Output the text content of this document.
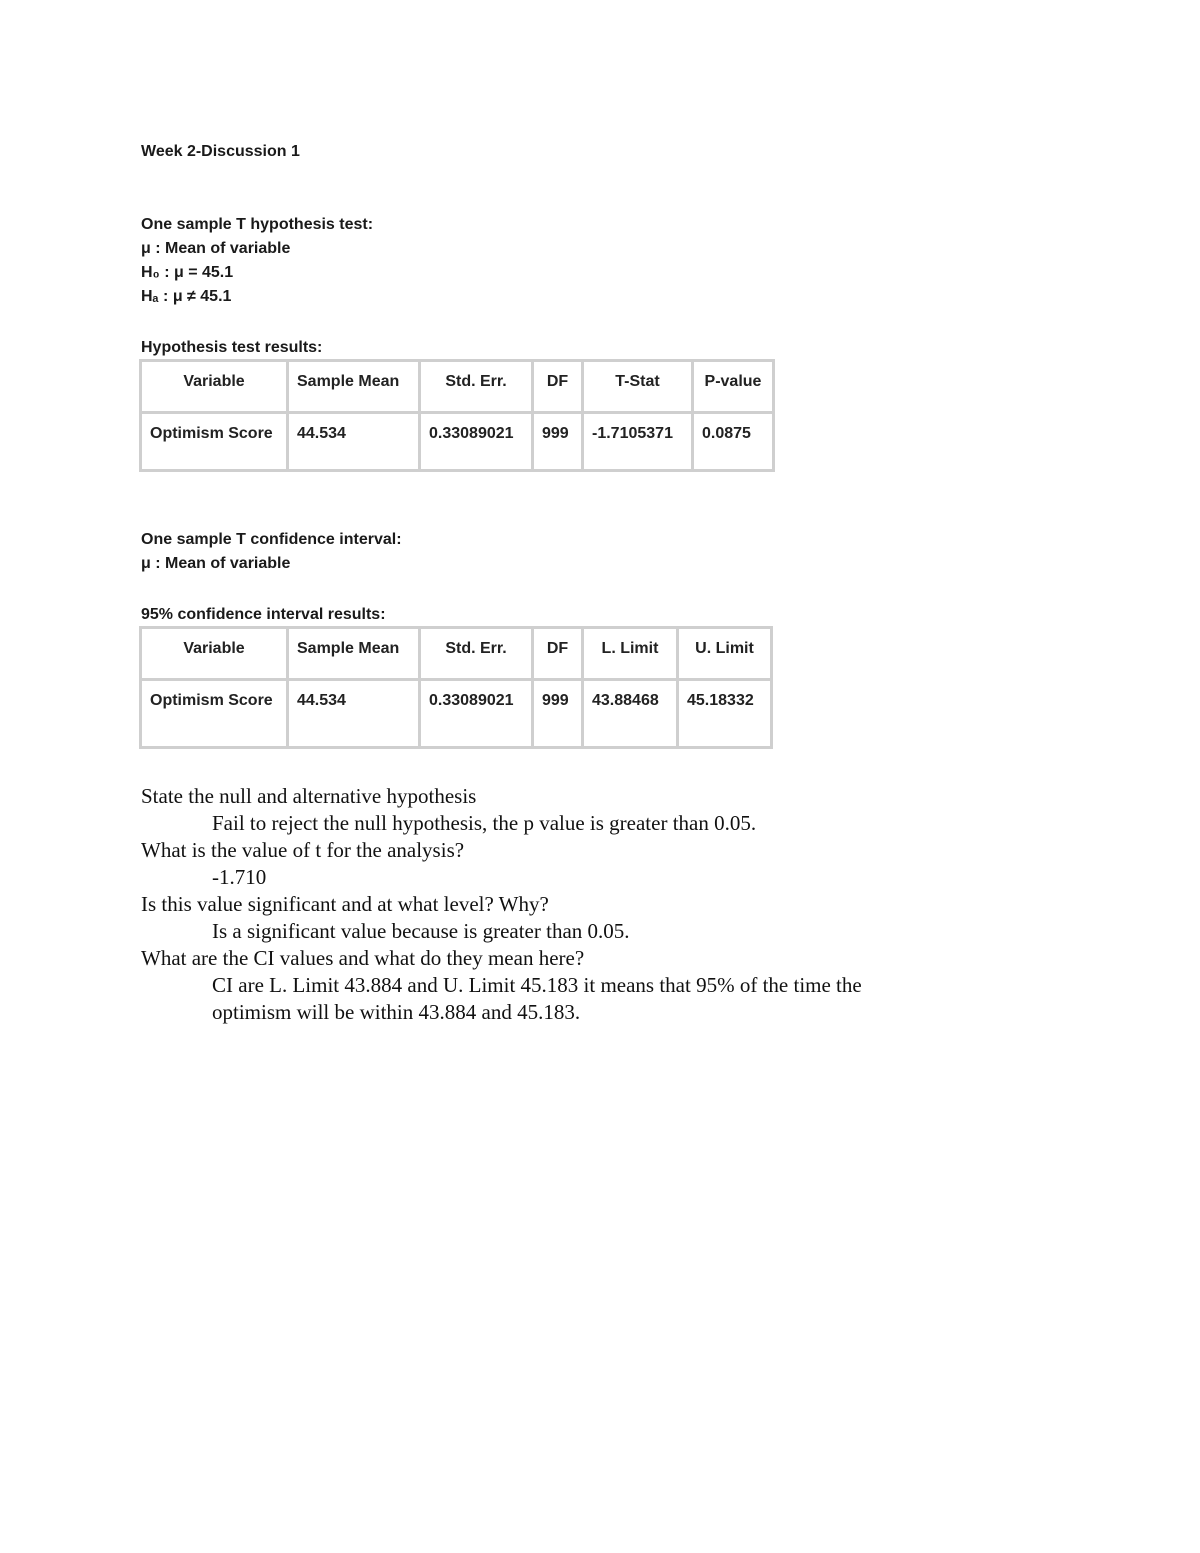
Week 2-Discussion 1
One sample T hypothesis test:
μ : Mean of variable
H₀ : μ = 45.1
Hₐ : μ ≠ 45.1
Hypothesis test results:
Variable	Sample Mean	Std. Err.	DF	T-Stat	P-value
Optimism Score	44.534	0.33089021	999	-1.7105371	0.0875
One sample T confidence interval:
μ : Mean of variable
95% confidence interval results:
Variable	Sample Mean	Std. Err.	DF	L. Limit	U. Limit
Optimism Score	44.534	0.33089021	999	43.88468	45.18332
State the null and alternative hypothesis
Fail to reject the null hypothesis, the p value is greater than 0.05.
What is the value of t for the analysis?
-1.710
Is this value significant and at what level? Why?
Is a significant value because is greater than 0.05.
What are the CI values and what do they mean here?
CI are L. Limit 43.884 and U. Limit 45.183 it means that 95% of the time the optimism will be within 43.884 and 45.183.
